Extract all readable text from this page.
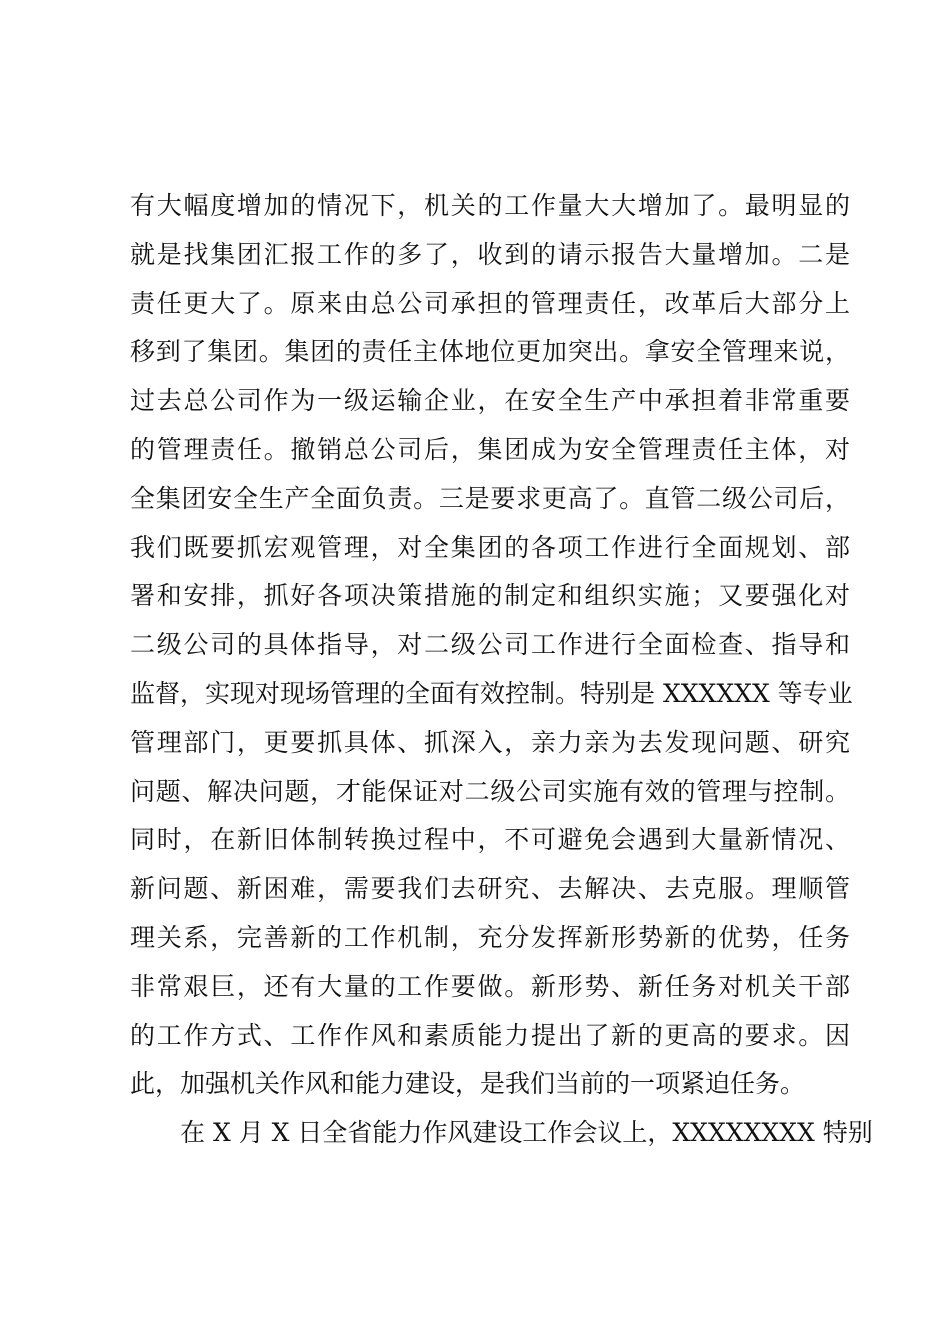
有大幅度增加的情况下，机关的工作量大大增加了。最明显的
就是找集团汇报工作的多了，收到的请示报告大量增加。二是
责任更大了。原来由总公司承担的管理责任，改革后大部分上
移到了集团。集团的责任主体地位更加突出。拿安全管理来说，
过去总公司作为一级运输企业，在安全生产中承担着非常重要
的管理责任。撤销总公司后，集团成为安全管理责任主体，对
全集团安全生产全面负责。三是要求更高了。直管二级公司后，
我们既要抓宏观管理，对全集团的各项工作进行全面规划、部
署和安排，抓好各项决策措施的制定和组织实施；又要强化对
二级公司的具体指导，对二级公司工作进行全面检查、指导和
监督，实现对现场管理的全面有效控制。特别是 XXXXXX 等专业
管理部门，更要抓具体、抓深入，亲力亲为去发现问题、研究
问题、解决问题，才能保证对二级公司实施有效的管理与控制。
同时，在新旧体制转换过程中，不可避免会遇到大量新情况、
新问题、新困难，需要我们去研究、去解决、去克服。理顺管
理关系，完善新的工作机制，充分发挥新形势新的优势，任务
非常艰巨，还有大量的工作要做。新形势、新任务对机关干部
的工作方式、工作作风和素质能力提出了新的更高的要求。因
此，加强机关作风和能力建设，是我们当前的一项紧迫任务。
在 X 月 X 日全省能力作风建设工作会议上，XXXXXXXX 特别
